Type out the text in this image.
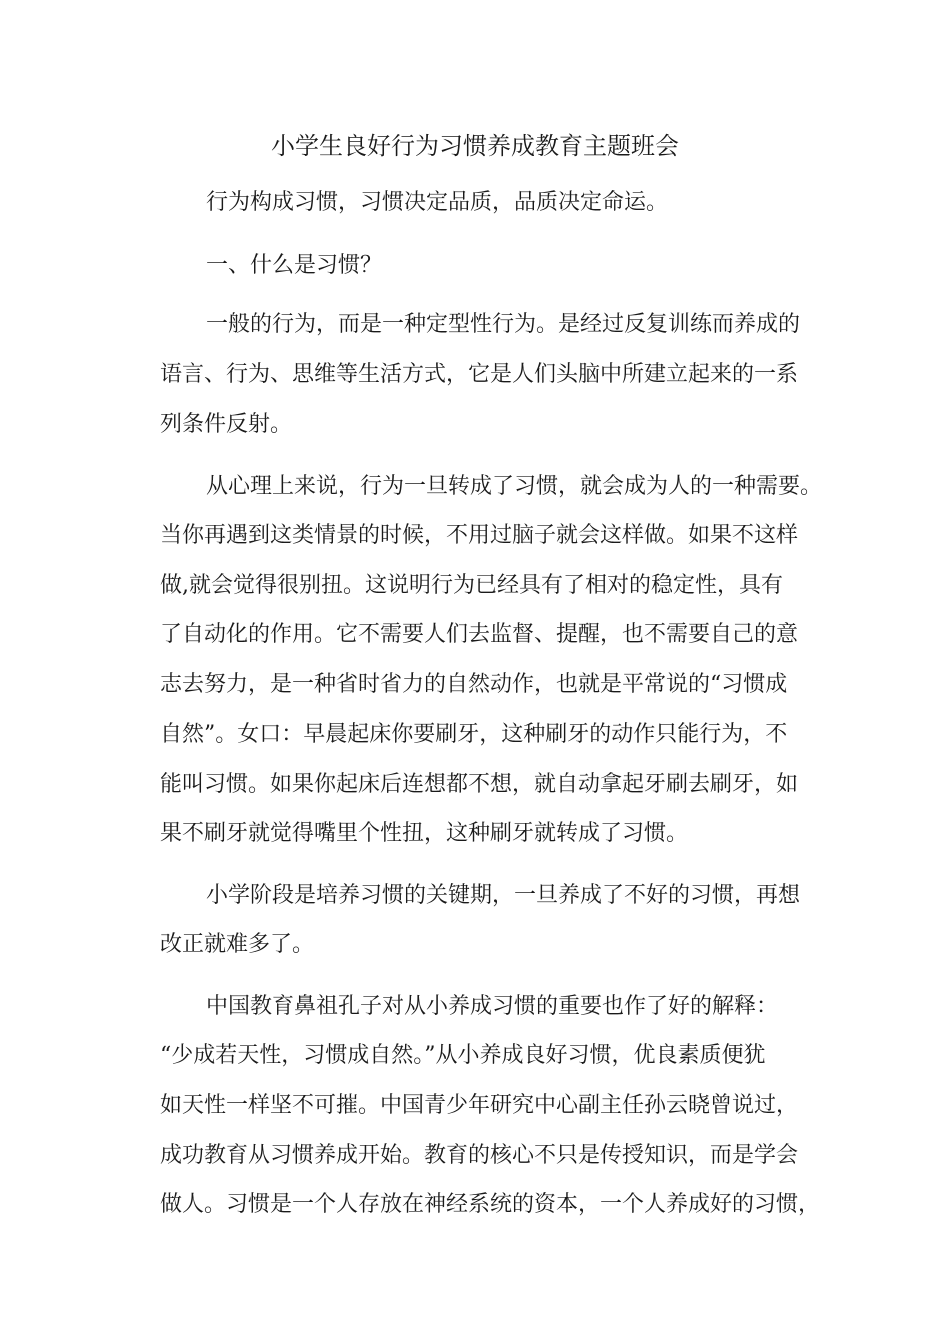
小学生良好行为习惯养成教育主题班会
行为构成习惯，习惯决定品质，品质决定命运。
一、什么是习惯？
一般的行为，而是一种定型性行为。是经过反复训练而养成的
语言、行为、思维等生活方式，它是人们头脑中所建立起来的一系
列条件反射。
从心理上来说，行为一旦转成了习惯，就会成为人的一种需要。
当你再遇到这类情景的时候，不用过脑子就会这样做。如果不这样
做,就会觉得很别扭。这说明行为已经具有了相对的稳定性，具有
了自动化的作用。它不需要人们去监督、提醒，也不需要自己的意
志去努力，是一种省时省力的自然动作，也就是平常说的“习惯成
自然”。女口：早晨起床你要刷牙，这种刷牙的动作只能行为，不
能叫习惯。如果你起床后连想都不想，就自动拿起牙刷去刷牙，如
果不刷牙就觉得嘴里个性扭，这种刷牙就转成了习惯。
小学阶段是培养习惯的关键期，一旦养成了不好的习惯，再想
改正就难多了。
中国教育鼻祖孔子对从小养成习惯的重要也作了好的解释：
“少成若天性，习惯成自然。”从小养成良好习惯，优良素质便犹
如天性一样坚不可摧。中国青少年研究中心副主任孙云晓曾说过，
成功教育从习惯养成开始。教育的核心不只是传授知识，而是学会
做人。习惯是一个人存放在神经系统的资本，一个人养成好的习惯，
